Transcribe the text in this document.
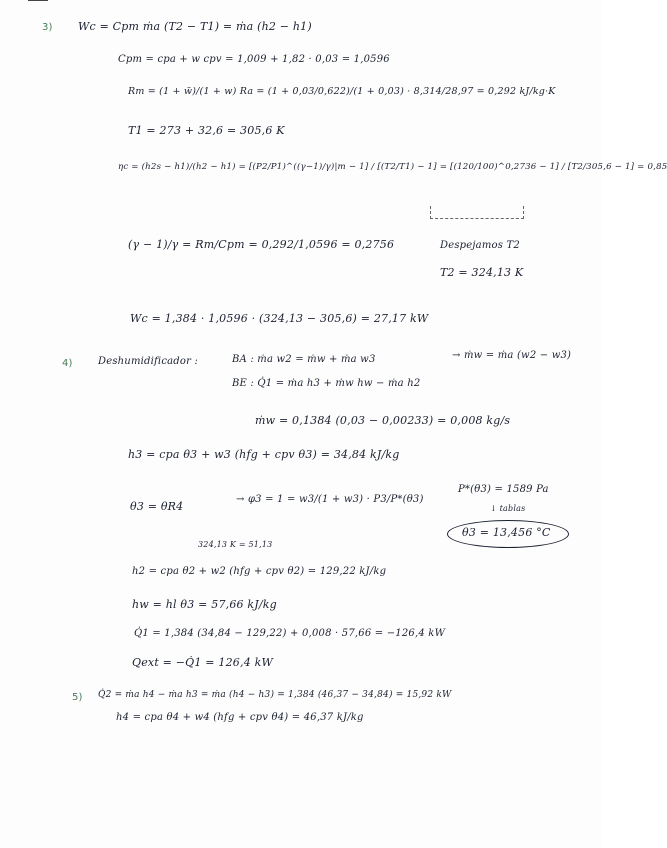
3) Wc = Cpm ṁa (T2 − T1) = ṁa (h2 − h1)
Cpm = cpa + w cpv = 1,009 + 1,82 · 0,03 = 1,0596
Rm = (1 + w̃)/(1 + w) Ra = (1 + 0,03/0,622)/(1 + 0,03) · 8,314/28,97 = 0,292 kJ/kg·K
T1 = 273 + 32,6 = 305,6 K
ηc = (h2s − h1)/(h2 − h1) = [(P2/P1)^((γ−1)/γ)|m − 1] / [(T2/T1) − 1] = [(120/100)^0,2736 − 1] / [T2/305,6 − 1] = 0,85
(γ − 1)/γ = Rm/Cpm = 0,292/1,0596 = 0,2756	Despejamos T2
T2 = 324,13 K
Wc = 1,384 · 1,0596 · (324,13 − 305,6) = 27,17 kW
4)	Deshumidificador :	BA : ṁa w2 = ṁw + ṁa w3	→ ṁw = ṁa (w2 − w3)
BE : Q̇1 = ṁa h3 + ṁw hw − ṁa h2
ṁw = 0,1384 (0,03 − 0,00233) = 0,008 kg/s
h3 = cpa θ3 + w3 (hfg + cpv θ3) = 34,84 kJ/kg
θ3 = θR4
→ φ3 = 1 = w3/(1 + w3) · P3/P*(θ3)
P*(θ3) = 1589 Pa
↓ tablas
θ3 = 13,456 °C
324,13 K = 51,13
h2 = cpa θ2 + w2 (hfg + cpv θ2) = 129,22 kJ/kg
hw = hl θ3 = 57,66 kJ/kg
Q̇1 = 1,384 (34,84 − 129,22) + 0,008 · 57,66 = −126,4 kW
Qext = −Q̇1 = 126,4 kW
5) Q̇2 = ṁa h4 − ṁa h3 = ṁa (h4 − h3) = 1,384 (46,37 − 34,84) = 15,92 kW
h4 = cpa θ4 + w4 (hfg + cpv θ4) = 46,37 kJ/kg
